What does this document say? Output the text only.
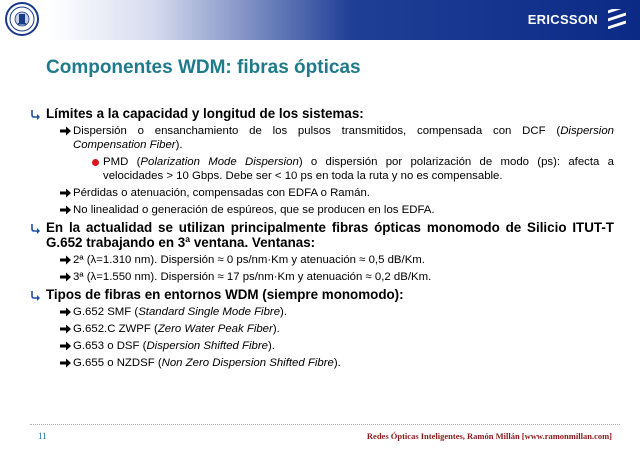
ERICSSON
Componentes WDM: fibras ópticas
Límites a la capacidad y longitud de los sistemas:
Dispersión o ensanchamiento de los pulsos transmitidos, compensada con DCF (Dispersion Compensation Fiber).
PMD (Polarization Mode Dispersion) o dispersión por polarización de modo (ps): afecta a velocidades > 10 Gbps. Debe ser < 10 ps en toda la ruta y no es compensable.
Pérdidas o atenuación, compensadas con EDFA o Ramán.
No linealidad o generación de espúreos, que se producen en los EDFA.
En la actualidad se utilizan principalmente fibras ópticas monomodo de Silicio ITUT-T G.652 trabajando en 3ª ventana. Ventanas:
2ª (λ=1.310 nm). Dispersión ≈ 0 ps/nm·Km y atenuación ≈ 0,5 dB/Km.
3ª (λ=1.550 nm). Dispersión ≈ 17 ps/nm·Km y atenuación ≈ 0,2 dB/Km.
Tipos de fibras en entornos WDM (siempre monomodo):
G.652 SMF (Standard Single Mode Fibre).
G.652.C ZWPF (Zero Water Peak Fiber).
G.653 o DSF (Dispersion Shifted Fibre).
G.655 o NZDSF (Non Zero Dispersion Shifted Fibre).
11	Redes Ópticas Inteligentes, Ramón Millán [www.ramonmillan.com]
